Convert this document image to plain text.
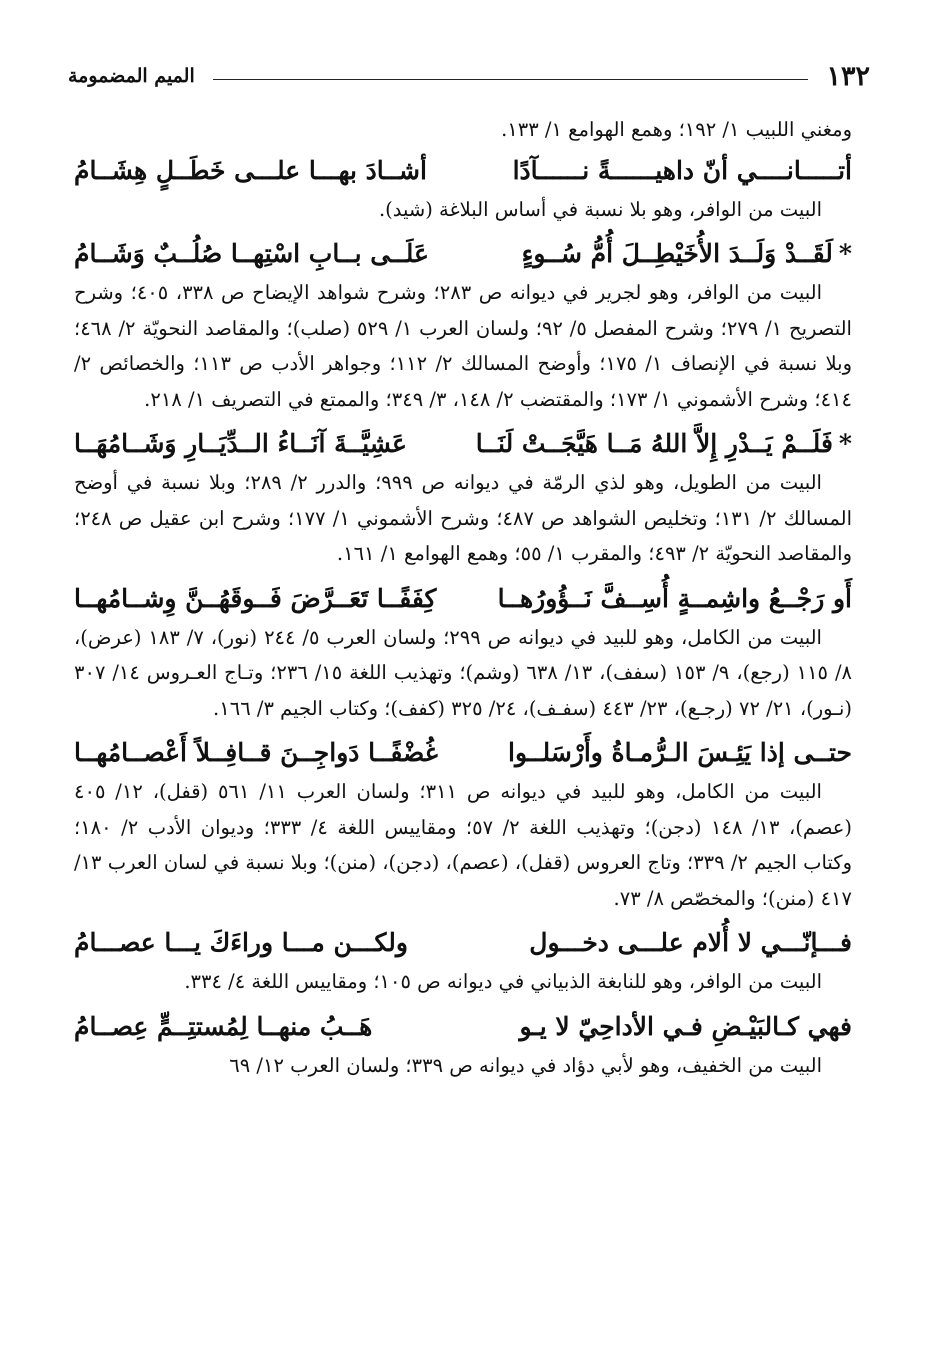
١٣٢
الميم المضمومة

ومغني اللبيب ١/ ١٩٢؛ وهمع الهوامع ١/ ١٣٣.

أتـــــانــــي أنّ داهيــــــةً نــــــآدًا
أشــادَ بهـــا علـــى خَطَــلٍ هِشَــامُ

البيت من الوافر، وهو بلا نسبة في أساس البلاغة (شيد).

*لَقَــدْ وَلَــدَ الأُخَيْطِــلَ أُمُّ سُــوءٍ
عَلَــى بــابِ اسْتِهــا صُلُــبٌ وَشَــامُ

البيت من الوافر، وهو لجرير في ديوانه ص ٢٨٣؛ وشرح شواهد الإيضاح ص ٣٣٨، ٤٠٥؛ وشرح التصريح ١/ ٢٧٩؛ وشرح المفصل ٥/ ٩٢؛ ولسان العرب ١/ ٥٢٩ (صلب)؛ والمقاصد النحويّة ٢/ ٤٦٨؛ وبلا نسبة في الإنصاف ١/ ١٧٥؛ وأوضح المسالك ٢/ ١١٢؛ وجواهر الأدب ص ١١٣؛ والخصائص ٢/ ٤١٤؛ وشرح الأشموني ١/ ١٧٣؛ والمقتضب ٢/ ١٤٨، ٣/ ٣٤٩؛ والممتع في التصريف ١/ ٢١٨.

*فَلَــمْ يَــدْرِ إِلاَّ اللهُ مَــا هَيَّجَــتْ لَنَــا
عَشِيَّــةَ آنَــاءُ الــدِّيَــارِ وَشَــامُهَــا

البيت من الطويل، وهو لذي الرمّة في ديوانه ص ٩٩٩؛ والدرر ٢/ ٢٨٩؛ وبلا نسبة في أوضح المسالك ٢/ ١٣١؛ وتخليص الشواهد ص ٤٨٧؛ وشرح الأشموني ١/ ١٧٧؛ وشرح ابن عقيل ص ٢٤٨؛ والمقاصد النحويّة ٢/ ٤٩٣؛ والمقرب ١/ ٥٥؛ وهمع الهوامع ١/ ١٦١.

أَو رَجْــعُ واشِمــةٍ أُسِــفَّ نَــؤُورُهــا
كِفَفًــا تَعَــرَّضَ فَــوقَهُــنَّ وِشــامُهــا

البيت من الكامل، وهو للبيد في ديوانه ص ٢٩٩؛ ولسان العرب ٥/ ٢٤٤ (نور)، ٧/ ١٨٣ (عرض)، ٨/ ١١٥ (رجع)، ٩/ ١٥٣ (سفف)، ١٣/ ٦٣٨ (وشم)؛ وتهذيب اللغة ١٥/ ٢٣٦؛ وتـاج العـروس ١٤/ ٣٠٧ (نـور)، ٢١/ ٧٢ (رجـع)، ٢٣/ ٤٤٣ (سفـف)، ٢٤/ ٣٢٥ (كفف)؛ وكتاب الجيم ٣/ ١٦٦.

حتــى إذا يَئِـسَ الـرُّمـاةُ وأَرْسَلــوا
غُضْفًــا دَواجِــنَ قــافِــلاً أَعْصــامُهــا

البيت من الكامل، وهو للبيد في ديوانه ص ٣١١؛ ولسان العرب ١١/ ٥٦١ (قفل)، ١٢/ ٤٠٥ (عصم)، ١٣/ ١٤٨ (دجن)؛ وتهذيب اللغة ٢/ ٥٧؛ ومقاييس اللغة ٤/ ٣٣٣؛ وديوان الأدب ٢/ ١٨٠؛ وكتاب الجيم ٢/ ٣٣٩؛ وتاج العروس (قفل)، (عصم)، (دجن)، (منن)؛ وبلا نسبة في لسان العرب ١٣/ ٤١٧ (منن)؛ والمخصّص ٨/ ٧٣.

فـــإنّـــي لا أُلام علـــى دخـــول
ولكـــن مـــا وراءَكَ يـــا عصـــامُ

البيت من الوافر، وهو للنابغة الذبياني في ديوانه ص ١٠٥؛ ومقاييس اللغة ٤/ ٣٣٤.

فهي كـالبَيْـضِ فـي الأداحِيّ لا يـو
هَــبُ منهــا لِمُستتِــمٍّ عِصــامُ

البيت من الخفيف، وهو لأبي دؤاد في ديوانه ص ٣٣٩؛ ولسان العرب ١٢/ ٦٩
